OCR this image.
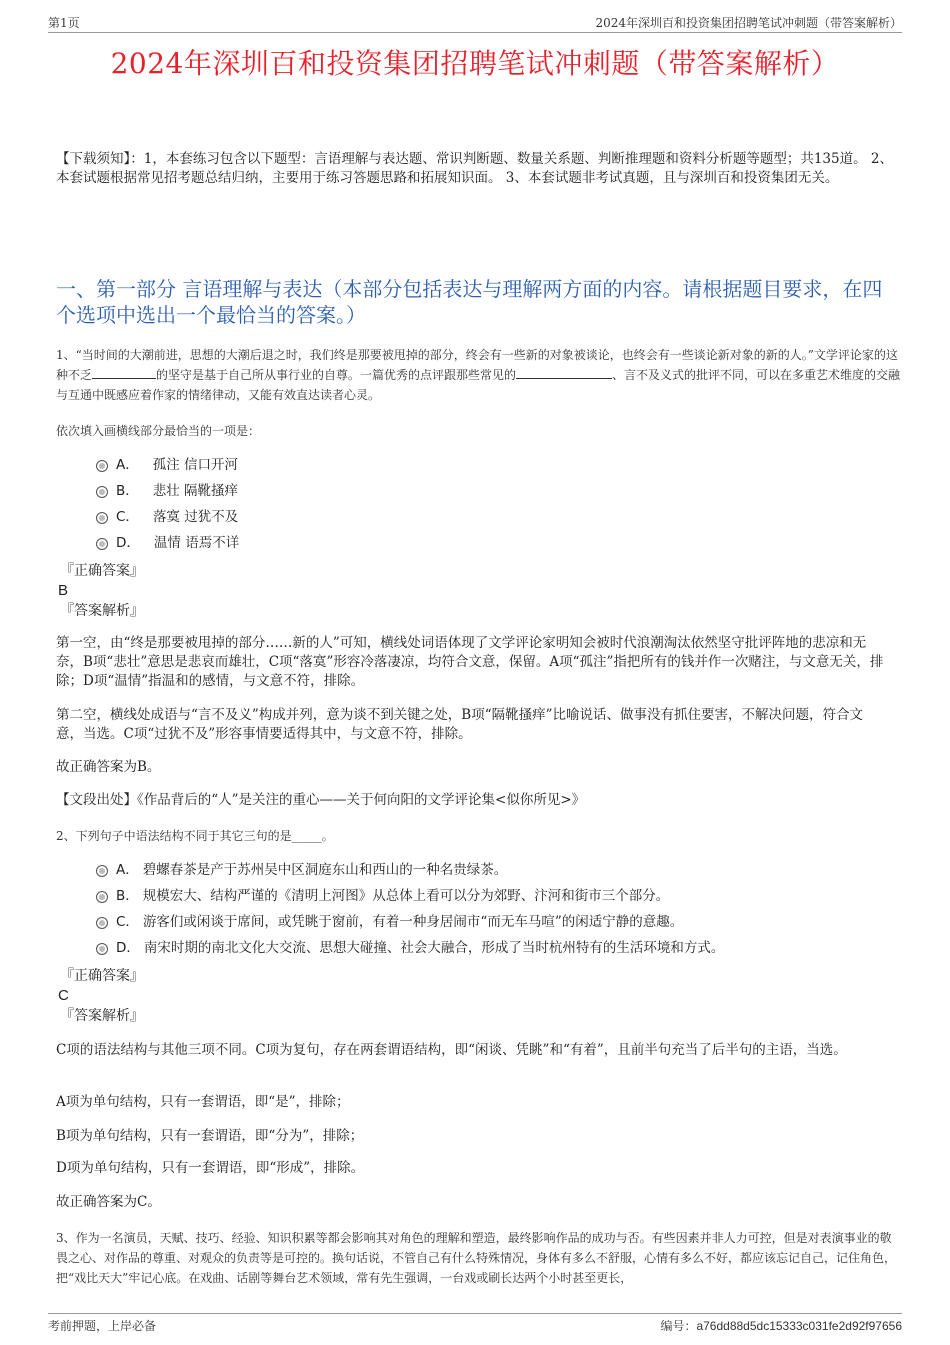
第1页	2024年深圳百和投资集团招聘笔试冲刺题（带答案解析）
2024年深圳百和投资集团招聘笔试冲刺题（带答案解析）
【下载须知】：1，本套练习包含以下题型：言语理解与表达题、常识判断题、数量关系题、判断推理题和资料分析题等题型；共135道。 2、本套试题根据常见招考题总结归纳，主要用于练习答题思路和拓展知识面。 3、本套试题非考试真题，且与深圳百和投资集团无关。
一、第一部分 言语理解与表达（本部分包括表达与理解两方面的内容。请根据题目要求，在四个选项中选出一个最恰当的答案。）
1、“当时间的大潮前进，思想的大潮后退之时，我们终是那要被甩掉的部分，终会有一些新的对象被谈论，也终会有一些谈论新对象的新的人。”文学评论家的这种不乏	的坚守是基于自己所从事行业的自尊。一篇优秀的点评跟那些常见的	、言不及义式的批评不同，可以在多重艺术维度的交融与互通中既感应着作家的情绪律动，又能有效直达读者心灵。
依次填入画横线部分最恰当的一项是：
A． 孤注 信口开河
B． 悲壮 隔靴搔痒
C． 落寞 过犹不及
D． 温情 语焉不详
『正确答案』
B
『答案解析』
第一空，由“终是那要被甩掉的部分……新的人”可知，横线处词语体现了文学评论家明知会被时代浪潮淘汰依然坚守批评阵地的悲凉和无奈，B项“悲壮”意思是悲哀而雄壮，C项“落寞”形容冷落凄凉，均符合文意，保留。A项“孤注”指把所有的钱并作一次赌注，与文意无关，排除；D项“温情”指温和的感情，与文意不符，排除。
第二空，横线处成语与“言不及义”构成并列，意为谈不到关键之处，B项“隔靴搔痒”比喻说话、做事没有抓住要害，不解决问题，符合文意，当选。C项“过犹不及”形容事情要适得其中，与文意不符，排除。
故正确答案为B。
【文段出处】《作品背后的“人”是关注的重心——关于何向阳的文学评论集<似你所见>》
2、下列句子中语法结构不同于其它三句的是_____。
A． 碧螺春茶是产于苏州吴中区洞庭东山和西山的一种名贵绿茶。
B． 规模宏大、结构严谨的《清明上河图》从总体上看可以分为郊野、汴河和街市三个部分。
C． 游客们或闲谈于席间，或凭眺于窗前，有着一种身居闹市“而无车马喧”的闲适宁静的意趣。
D． 南宋时期的南北文化大交流、思想大碰撞、社会大融合，形成了当时杭州特有的生活环境和方式。
『正确答案』
C
『答案解析』
C项的语法结构与其他三项不同。C项为复句，存在两套谓语结构，即“闲谈、凭眺”和“有着”，且前半句充当了后半句的主语，当选。
A项为单句结构，只有一套谓语，即“是”，排除；
B项为单句结构，只有一套谓语，即“分为”，排除；
D项为单句结构，只有一套谓语，即“形成”，排除。
故正确答案为C。
3、作为一名演员，天赋、技巧、经验、知识积累等都会影响其对角色的理解和塑造，最终影响作品的成功与否。有些因素并非人力可控，但是对表演事业的敬畏之心、对作品的尊重、对观众的负责等是可控的。换句话说，不管自己有什么特殊情况，身体有多么不舒服，心情有多么不好，都应该忘记自己，记住角色，把“戏比天大”牢记心底。在戏曲、话剧等舞台艺术领域，常有先生强调，一台戏或刷长达两个小时甚至更长，
考前押题，上岸必备	编号：a76dd88d5dc15333c031fe2d92f97656
